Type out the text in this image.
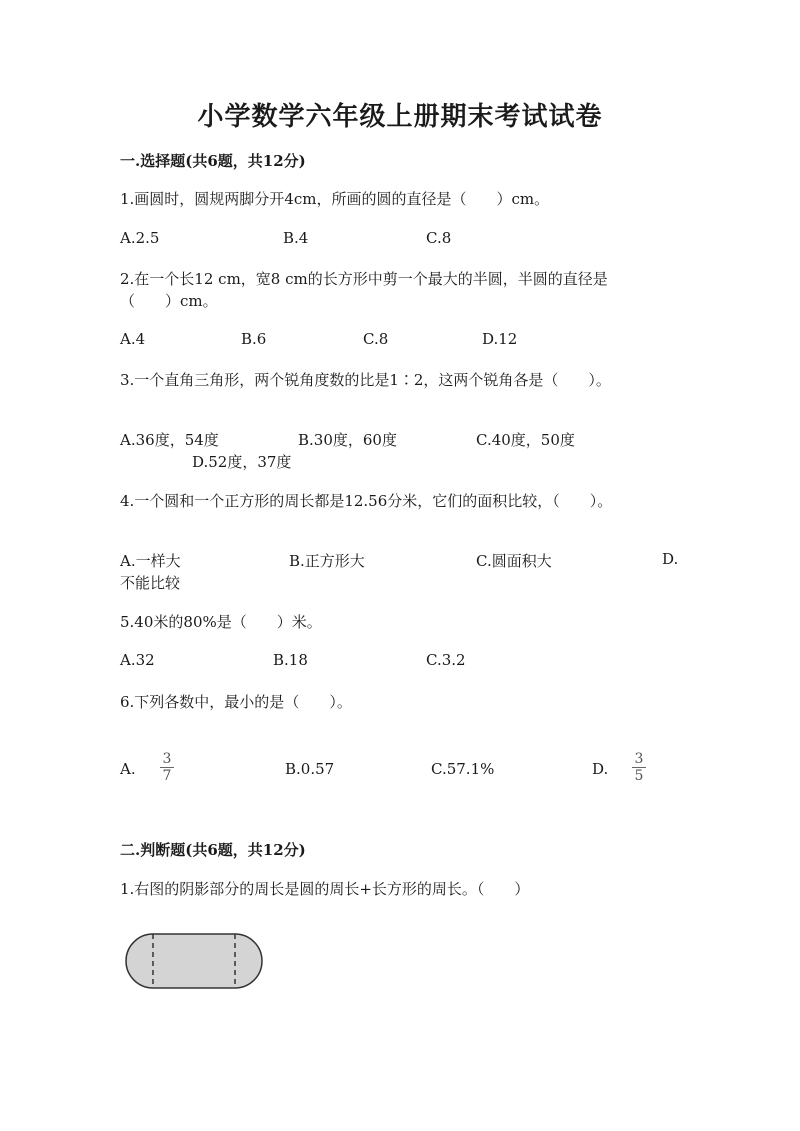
小学数学六年级上册期末考试试卷
一.选择题(共6题，共12分)
1.画圆时，圆规两脚分开4cm，所画的圆的直径是（　　）cm。
A.2.5	B.4	C.8
2.在一个长12 cm，宽8 cm的长方形中剪一个最大的半圆，半圆的直径是
（　　）cm。
A.4	B.6	C.8	D.12
3.一个直角三角形，两个锐角度数的比是1∶2，这两个锐角各是（　　）。
A.36度，54度	B.30度，60度	C.40度，50度
D.52度，37度
4.一个圆和一个正方形的周长都是12.56分米，它们的面积比较，（　　）。
A.一样大	B.正方形大	C.圆面积大	D.
不能比较
5.40米的80%是（　　）米。
A.32	B.18	C.3.2
6.下列各数中，最小的是（　　）。
A.
3
7	B.0.57	C.57.1%	D.
3
5
二.判断题(共6题，共12分)
1.右图的阴影部分的周长是圆的周长+长方形的周长。（　　）
